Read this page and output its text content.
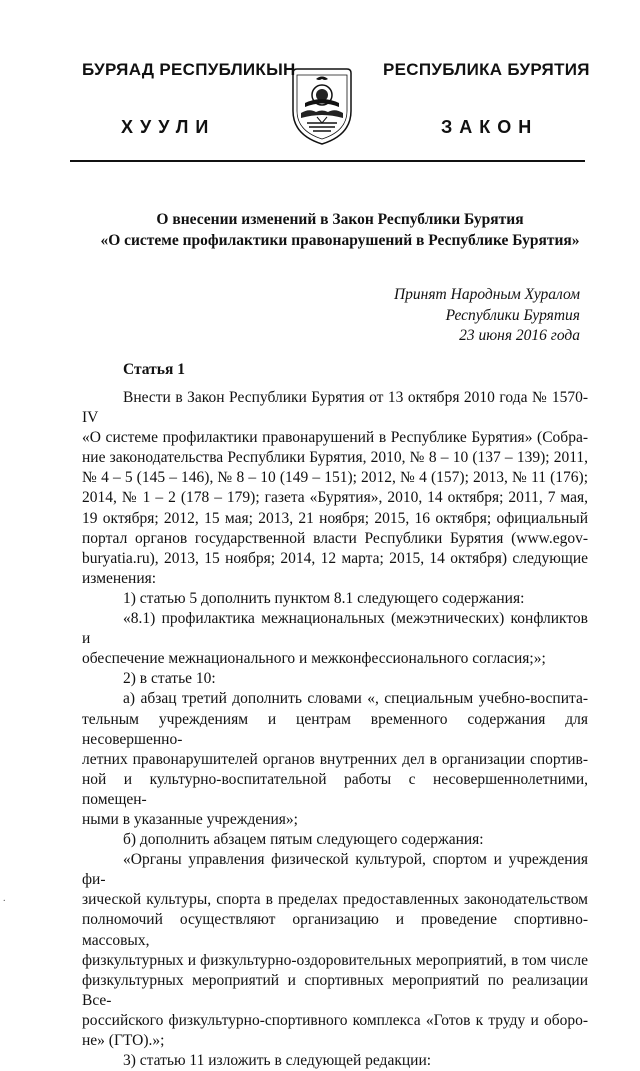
БУРЯАД РЕСПУБЛИКЫН
ХУУЛИ
РЕСПУБЛИКА БУРЯТИЯ
ЗАКОН
О внесении изменений в Закон Республики Бурятия
«О системе профилактики правонарушений в Республике Бурятия»
Принят Народным Хуралом
Республики Бурятия
23 июня 2016 года
Статья 1

Внести в Закон Республики Бурятия от 13 октября 2010 года № 1570-IV

«О системе профилактики правонарушений в Республике Бурятия» (Собра-

ние законодательства Республики Бурятия, 2010, № 8 – 10 (137 – 139); 2011,

№ 4 – 5 (145 – 146), № 8 – 10 (149 – 151); 2012, № 4 (157); 2013, № 11 (176);

2014, № 1 – 2 (178 – 179); газета «Бурятия», 2010, 14 октября; 2011, 7 мая,

19 октября; 2012, 15 мая; 2013, 21 ноября; 2015, 16 октября; официальный

портал органов государственной власти Республики Бурятия (www.egov-

buryatia.ru), 2013, 15 ноября; 2014, 12 марта; 2015, 14 октября) следующие

изменения:

1) статью 5 дополнить пунктом 8.1 следующего содержания:

«8.1) профилактика межнациональных (межэтнических) конфликтов и

обеспечение межнационального и межконфессионального согласия;»;

2) в статье 10:

а) абзац третий дополнить словами «, специальным учебно-воспита-

тельным учреждениям и центрам временного содержания для несовершенно-

летних правонарушителей органов внутренних дел в организации спортив-

ной и культурно-воспитательной работы с несовершеннолетними, помещен-

ными в указанные учреждения»;

б) дополнить абзацем пятым следующего содержания:

«Органы управления физической культурой, спортом и учреждения фи-

зической культуры, спорта в пределах предоставленных законодательством

полномочий осуществляют организацию и проведение спортивно-массовых,

физкультурных и физкультурно-оздоровительных мероприятий, в том числе

физкультурных мероприятий и спортивных мероприятий по реализации Все-

российского физкультурно-спортивного комплекса «Готов к труду и оборо-

не» (ГТО).»;

3) статью 11 изложить в следующей редакции:

.
